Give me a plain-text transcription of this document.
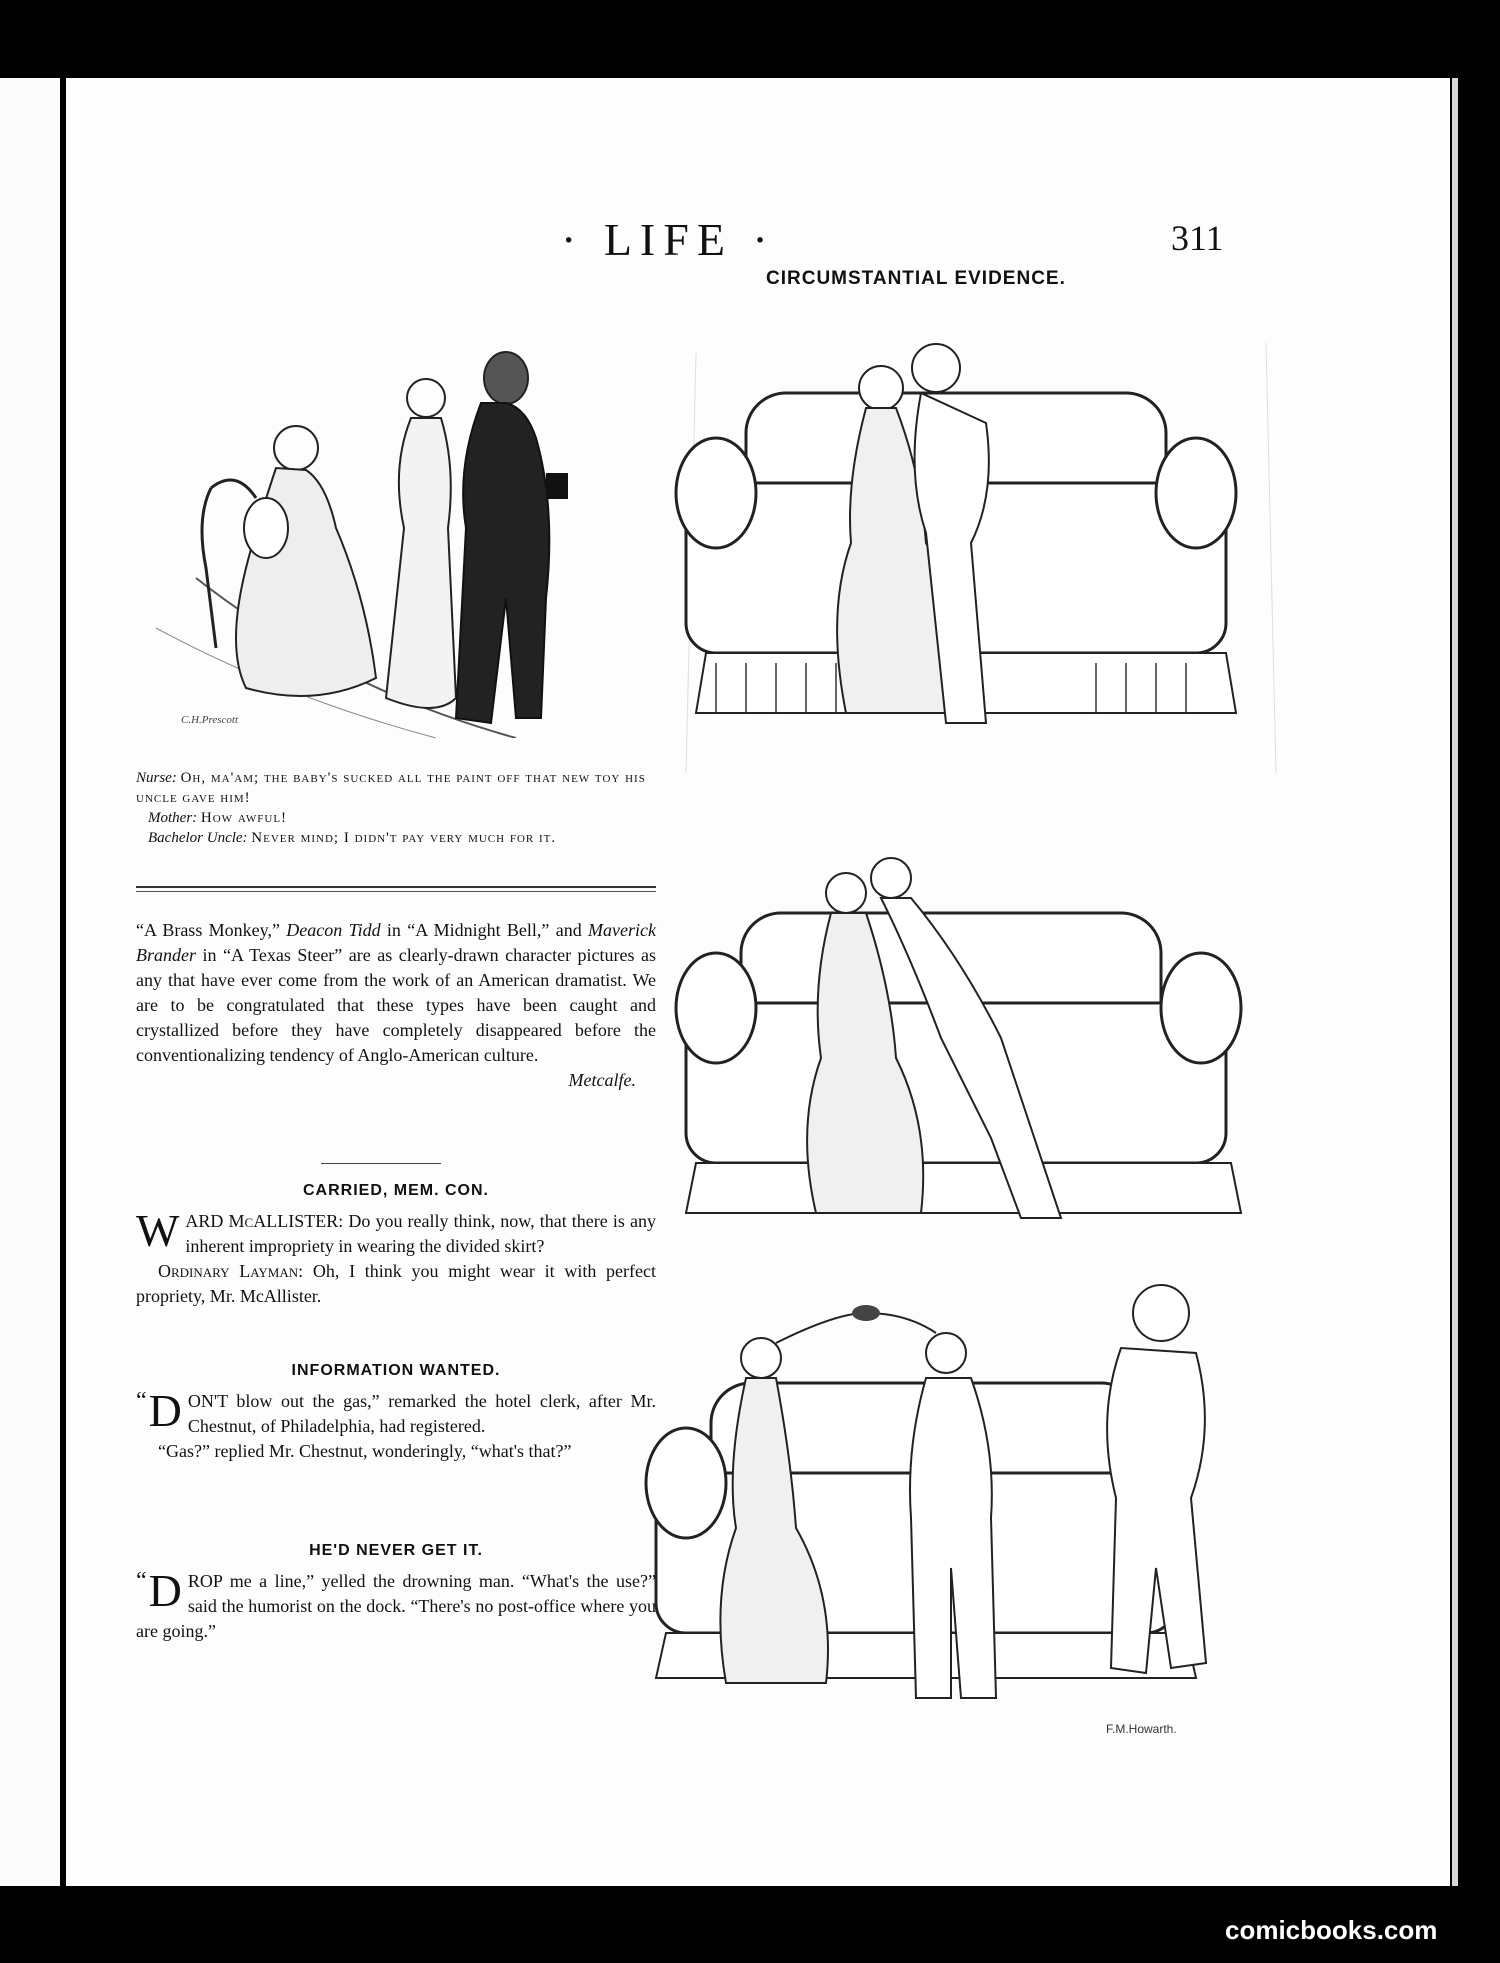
· LIFE ·	311
CIRCUMSTANTIAL EVIDENCE.
C.H.Prescott
Nurse: Oh, ma'am; the baby's sucked all the paint off that new toy his uncle gave him!
Mother: How awful!
Bachelor Uncle: Never mind; I didn't pay very much for it.
“A Brass Monkey,” Deacon Tidd in “A Midnight Bell,” and Maverick Brander in “A Texas Steer” are as clearly-drawn character pictures as any that have ever come from the work of an American dramatist. We are to be congratulated that these types have been caught and crystallized before they have completely disappeared before the conventionalizing tendency of Anglo-American culture.
Metcalfe.
CARRIED, MEM. CON.
W ARD McALLISTER: Do you really think, now, that there is any inherent impropriety in wearing the divided skirt?
Ordinary Layman: Oh, I think you might wear it with perfect propriety, Mr. McAllister.
INFORMATION WANTED.
“ D ON'T blow out the gas,” remarked the hotel clerk, after Mr. Chestnut, of Philadelphia, had registered.
“Gas?” replied Mr. Chestnut, wonderingly, “what's that?”
HE'D NEVER GET IT.
“ D ROP me a line,” yelled the drowning man. “What's the use?” said the humorist on the dock. “There's no post-office where you are going.”
F.M.Howarth.
comicbooks.com
